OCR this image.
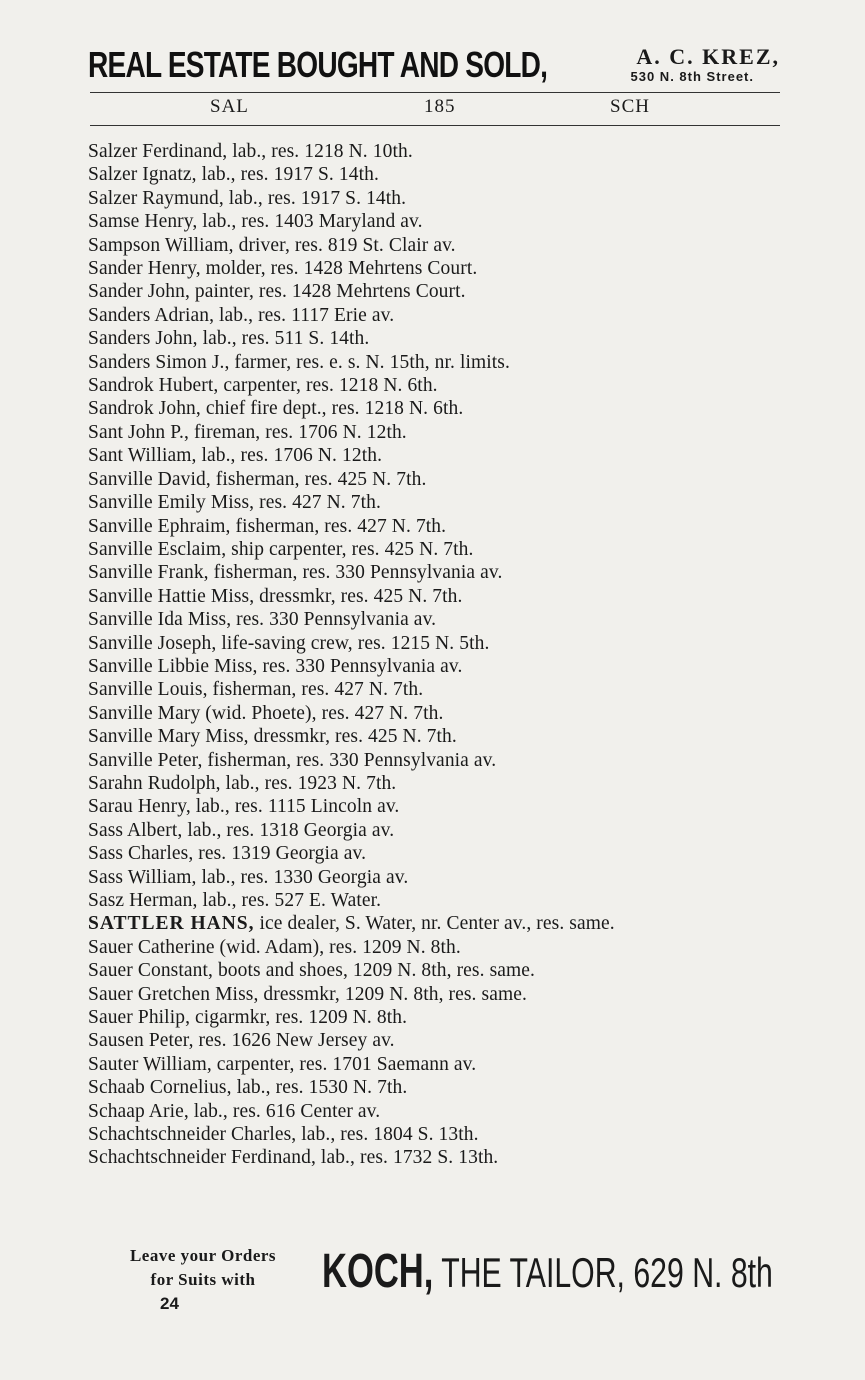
REAL ESTATE BOUGHT AND SOLD,	A. C. KREZ,
530 N. 8th Street.
SAL	185	SCH
Salzer Ferdinand, lab., res. 1218 N. 10th.
Salzer Ignatz, lab., res. 1917 S. 14th.
Salzer Raymund, lab., res. 1917 S. 14th.
Samse Henry, lab., res. 1403 Maryland av.
Sampson William, driver, res. 819 St. Clair av.
Sander Henry, molder, res. 1428 Mehrtens Court.
Sander John, painter, res. 1428 Mehrtens Court.
Sanders Adrian, lab., res. 1117 Erie av.
Sanders John, lab., res. 511 S. 14th.
Sanders Simon J., farmer, res. e. s. N. 15th, nr. limits.
Sandrok Hubert, carpenter, res. 1218 N. 6th.
Sandrok John, chief fire dept., res. 1218 N. 6th.
Sant John P., fireman, res. 1706 N. 12th.
Sant William, lab., res. 1706 N. 12th.
Sanville David, fisherman, res. 425 N. 7th.
Sanville Emily Miss, res. 427 N. 7th.
Sanville Ephraim, fisherman, res. 427 N. 7th.
Sanville Esclaim, ship carpenter, res. 425 N. 7th.
Sanville Frank, fisherman, res. 330 Pennsylvania av.
Sanville Hattie Miss, dressmkr, res. 425 N. 7th.
Sanville Ida Miss, res. 330 Pennsylvania av.
Sanville Joseph, life-saving crew, res. 1215 N. 5th.
Sanville Libbie Miss, res. 330 Pennsylvania av.
Sanville Louis, fisherman, res. 427 N. 7th.
Sanville Mary (wid. Phoete), res. 427 N. 7th.
Sanville Mary Miss, dressmkr, res. 425 N. 7th.
Sanville Peter, fisherman, res. 330 Pennsylvania av.
Sarahn Rudolph, lab., res. 1923 N. 7th.
Sarau Henry, lab., res. 1115 Lincoln av.
Sass Albert, lab., res. 1318 Georgia av.
Sass Charles, res. 1319 Georgia av.
Sass William, lab., res. 1330 Georgia av.
Sasz Herman, lab., res. 527 E. Water.
SATTLER HANS, ice dealer, S. Water, nr. Center av., res. same.
Sauer Catherine (wid. Adam), res. 1209 N. 8th.
Sauer Constant, boots and shoes, 1209 N. 8th, res. same.
Sauer Gretchen Miss, dressmkr, 1209 N. 8th, res. same.
Sauer Philip, cigarmkr, res. 1209 N. 8th.
Sausen Peter, res. 1626 New Jersey av.
Sauter William, carpenter, res. 1701 Saemann av.
Schaab Cornelius, lab., res. 1530 N. 7th.
Schaap Arie, lab., res. 616 Center av.
Schachtschneider Charles, lab., res. 1804 S. 13th.
Schachtschneider Ferdinand, lab., res. 1732 S. 13th.
Leave your Orders
for Suits with	KOCH, THE TAILOR, 629 N. 8th
24
